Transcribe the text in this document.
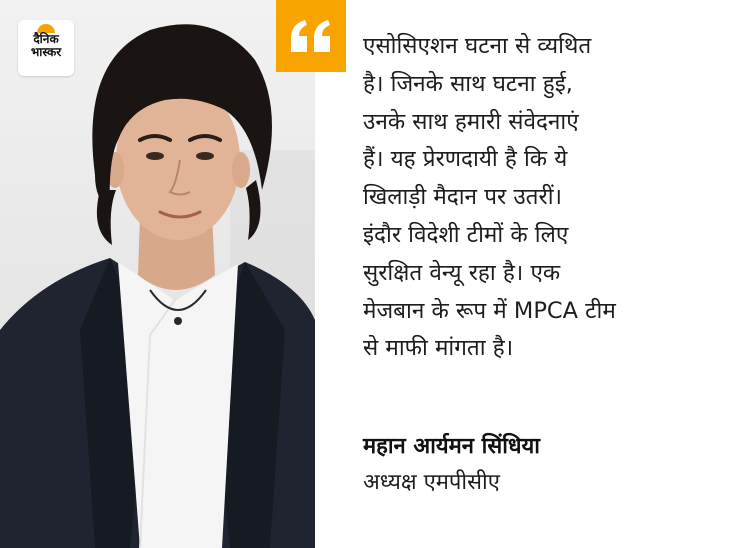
दैनिक
भास्कर	एसोसिएशन घटना से व्यथित
है। जिनके साथ घटना हुई,
उनके साथ हमारी संवेदनाएं
हैं। यह प्रेरणदायी है कि ये
खिलाड़ी मैदान पर उतरीं।
इंदौर विदेशी टीमों के लिए
सुरक्षित वेन्यू रहा है। एक
मेजबान के रूप में MPCA टीम
से माफी मांगता है।

महान आर्यमन सिंधिया
अध्यक्ष एमपीसीए
